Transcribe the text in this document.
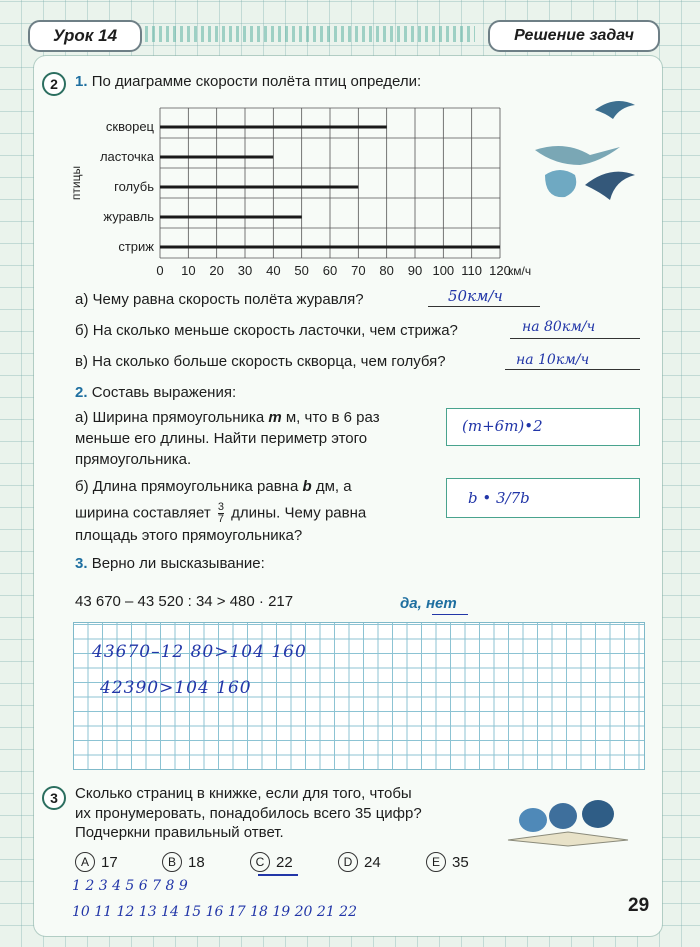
Урок 14	Решение задач
2	1. По диаграмме скорости полёта птиц определи:
0 10 20 30 40 50 60 70 80 90 100 110 120
скворец
ласточка
голубь
журавль
стриж
птицы
км/ч
а) Чему равна скорость полёта журавля?	50км/ч
б) На сколько меньше скорость ласточки, чем стрижа?	на 80км/ч
в) На сколько больше скорость скворца, чем голубя?	на 10км/ч
2. Составь выражения:
а) Ширина прямоугольника m м, что в 6 раз
меньше его длины. Найти периметр этого
прямоугольника.
(m+6m)•2
б) Длина прямоугольника равна b дм, а
ширина составляет $\frac{3}{7}$ длины. Чему равна
площадь этого прямоугольника?
b • 3/7b
3. Верно ли высказывание:
43 670 – 43 520 : 34 > 480 · 217	да, нет
43670–12 80>104 160
42390>104 160
3	Сколько страниц в книжке, если для того, чтобы
их пронумеровать, понадобилось всего 35 цифр?
Подчеркни правильный ответ.
А 17	В 18	С 22	D 24	Е 35
1 2 3 4 5 6 7 8 9
10 11 12 13 14 15 16 17 18 19 20 21 22	29
